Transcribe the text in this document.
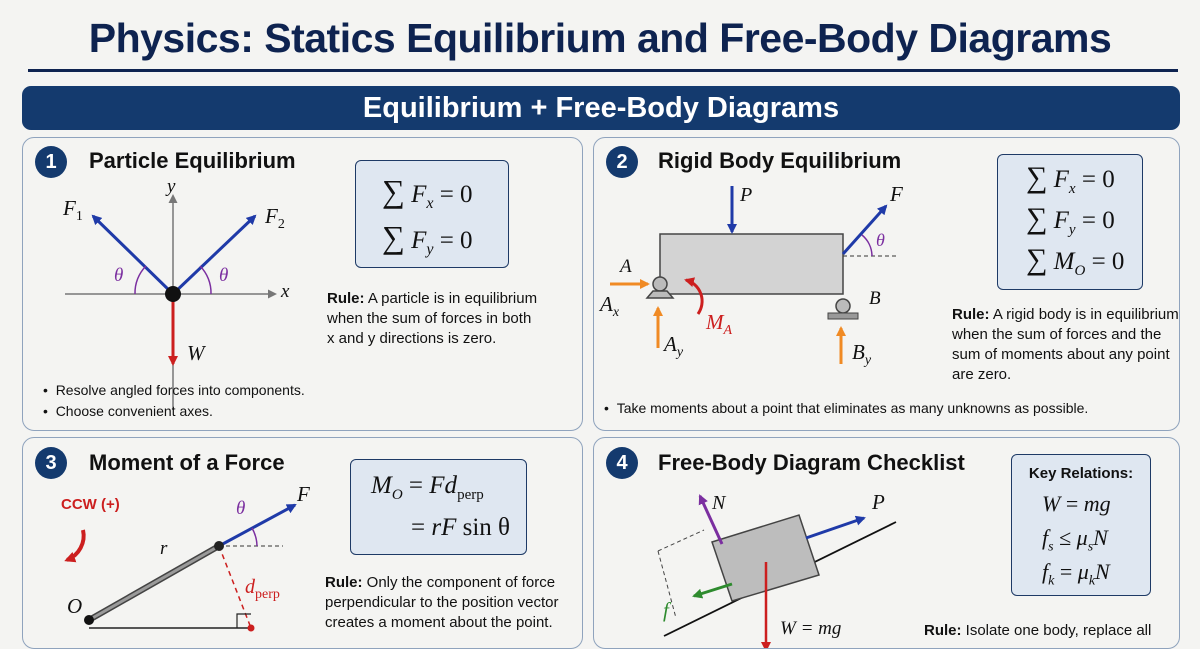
Physics: Statics Equilibrium and Free-Body Diagrams
Equilibrium + Free-Body Diagrams
1	Particle Equilibrium
y
x
$F_1$	$F_2$
θ	θ
W
∑ $F_x = 0$
∑ $F_y = 0$
Rule: A particle is in equilibrium
when the sum of forces in both
x and y directions is zero.
•  Resolve angled forces into components.
•  Choose convenient axes.
2	Rigid Body Equilibrium
P	F
θ
A
B
$A_x$
$A_y$
$M_A$
$B_y$
∑ $F_x = 0$
∑ $F_y = 0$
∑ $M_O = 0$
Rule: A rigid body is in equilibrium
when the sum of forces and the
sum of moments about any point
are zero.
•  Take moments about a point that eliminates as many unknowns as possible.
3	Moment of a Force
CCW (+)	F
θ
r
$d_{perp}$
O
$M_O = Fd_{perp}$
= rF sin θ
Rule: Only the component of force
perpendicular to the position vector
creates a moment about the point.
4	Free-Body Diagram Checklist
N	P
f
W = mg
Key Relations:
W = mg
$f_s \le \mu_sN$
$f_k = \mu_kN$
Rule: Isolate one body, replace all
